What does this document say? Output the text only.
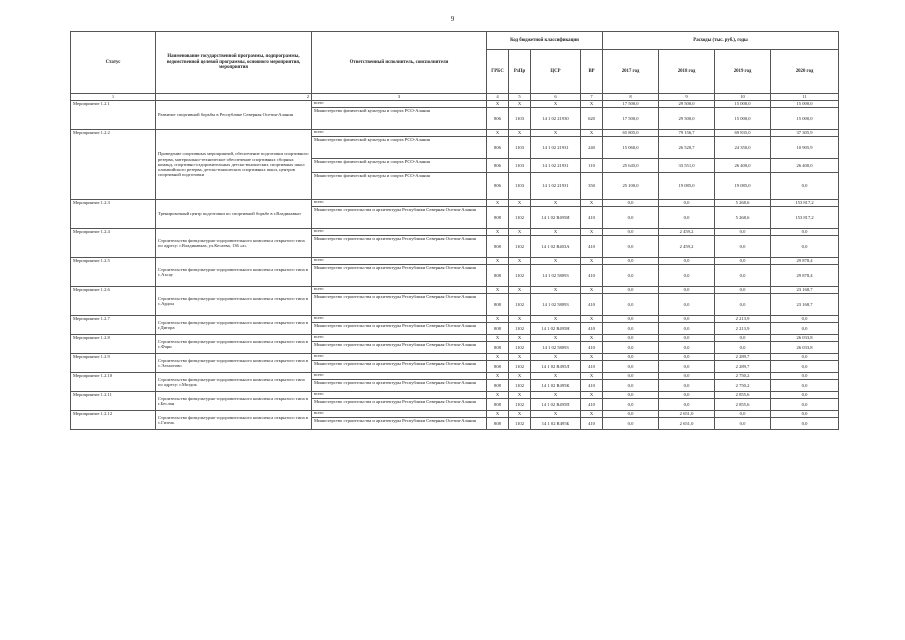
9
Статус	Наименование государственной программы, подпрограммы, ведомственной целевой программы, основного мероприятия, мероприятия	Ответственный исполнитель, соисполнители	Код бюджетной классификации				Расходы (тыс. руб.), годы			
			ГРБС	РзПр	ЦСР	ВР	2017 год	2018 год	2019 год	2020 год
1	2	3	4	5	6	7	8	9	10	11
Мероприятие 1.2.1	Развитие спортивной борьбы в Республике Северная Осетия-Алания	всего	X	X	X	X	17 500,0	29 500,0	15 000,0	15 000,0
		Министерство физической культуры и спорта РСО-Алания	806	1103	14 1 02 21930	620	17 500,0	29 500,0	15 000,0	15 000,0
Мероприятие 1.2.2	Проведение спортивных мероприятий, обеспечение подготовки спортивного резерва, материально-техническое обеспечение спортивных сборных команд, спортивно-оздоровительных детско-юношеских спортивных школ олимпийского резерва, детско-юношеских спортивных школ, центров спортивной подготовки	всего	X	X	X	X	65 805,0	79 156,7	69 835,0	37 305,9
		Министерство физической культуры и спорта РСО-Алания	806	1103	14 1 02 21931	240	15 060,0	26 520,7	24 350,0	10 905,9
		Министерство физической культуры и спорта РСО-Алания	806	1103	14 1 02 21931	110	25 645,0	33 551,0	26 400,0	26 400,0
		Министерство физической культуры и спорта РСО-Алания	806	1103	14 1 02 21931	350	25 100,0	19 085,0	19 085,0	0,0
Мероприятие 1.2.3	Тренировочный центр подготовки по спортивной борьбе в г.Владикавказ	всего	X	X	X	X	0,0	0,0	5 268,6	153 817,2
		Министерство строительства и архитектуры Республики Северная Осетия-Алания	808	1102	14 1 02 R495И	410	0,0	0,0	5 268,6	153 817,2
Мероприятие 1.2.4	Строительство физкультурно-оздоровительного комплекса открытого типа по адресу: г.Владикавказ, ул.Кесаева, 136 «а»	всего	X	X	X	X	0,0	2 459,2	0,0	0,0
		Министерство строительства и архитектуры Республики Северная Осетия-Алания	808	1102	14 1 02 R403А	410	0,0	2 459,2	0,0	0,0
Мероприятие 1.2.5	Строительство физкультурно-оздоровительного комплекса открытого типа в с.Ахсау	всего	X	X	X	X	0,0	0,0	0,0	29 878,4
		Министерство строительства и архитектуры Республики Северная Осетия-Алания	808	1102	14 1 02 58093	410	0,0	0,0	0,0	29 878,4
Мероприятие 1.2.6	Строительство физкультурно-оздоровительного комплекса открытого типа в с.Ардон	всего	X	X	X	X	0,0	0,0	0,0	23 168,7
		Министерство строительства и архитектуры Республики Северная Осетия-Алания	808	1102	14 1 02 58093	410	0,0	0,0	0,0	23 168,7
Мероприятие 1.2.7	Строительство физкультурно-оздоровительного комплекса открытого типа в г.Дигора	всего	X	X	X	X	0,0	0,0	2 213,9	0,0
		Министерство строительства и архитектуры Республики Северная Осетия-Алания	808	1102	14 1 02 R495Н	410	0,0	0,0	2 213,9	0,0
Мероприятие 1.2.8	Строительство физкультурно-оздоровительного комплекса открытого типа в с.Фарн	всего	X	X	X	X	0,0	0,0	0,0	26 033,8
		Министерство строительства и архитектуры Республики Северная Осетия-Алания	808	1102	14 1 02 58093	410	0,0	0,0	0,0	26 033,8
Мероприятие 1.2.9	Строительство физкультурно-оздоровительного комплекса открытого типа в с.Эльхотово	всего	X	X	X	X	0,0	0,0	2 289,7	0,0
		Министерство строительства и архитектуры Республики Северная Осетия-Алания	808	1102	14 1 02 R495Л	410	0,0	0,0	2 289,7	0,0
Мероприятие 1.2.10	Строительство физкультурно-оздоровительного комплекса открытого типа по адресу: г.Моздок	всего	X	X	X	X	0,0	0,0	2 750,2	0,0
		Министерство строительства и архитектуры Республики Северная Осетия-Алания	808	1102	14 1 02 R495К	410	0,0	0,0	2 750,2	0,0
Мероприятие 1.2.11	Строительство физкультурно-оздоровительного комплекса открытого типа в г.Беслан	всего	X	X	X	X	0,0	0,0	2 855,6	0,0
		Министерство строительства и архитектуры Республики Северная Осетия-Алания	808	1102	14 1 02 R495П	410	0,0	0,0	2 855,6	0,0
Мероприятие 1.2.12	Строительство физкультурно-оздоровительного комплекса открытого типа в с.Гизель	всего	X	X	X	X	0,0	2 651,0	0,0	0,0
		Министерство строительства и архитектуры Республики Северная Осетия-Алания	808	1102	14 1 02 R495Б	410	0,0	2 651,0	0,0	0,0
